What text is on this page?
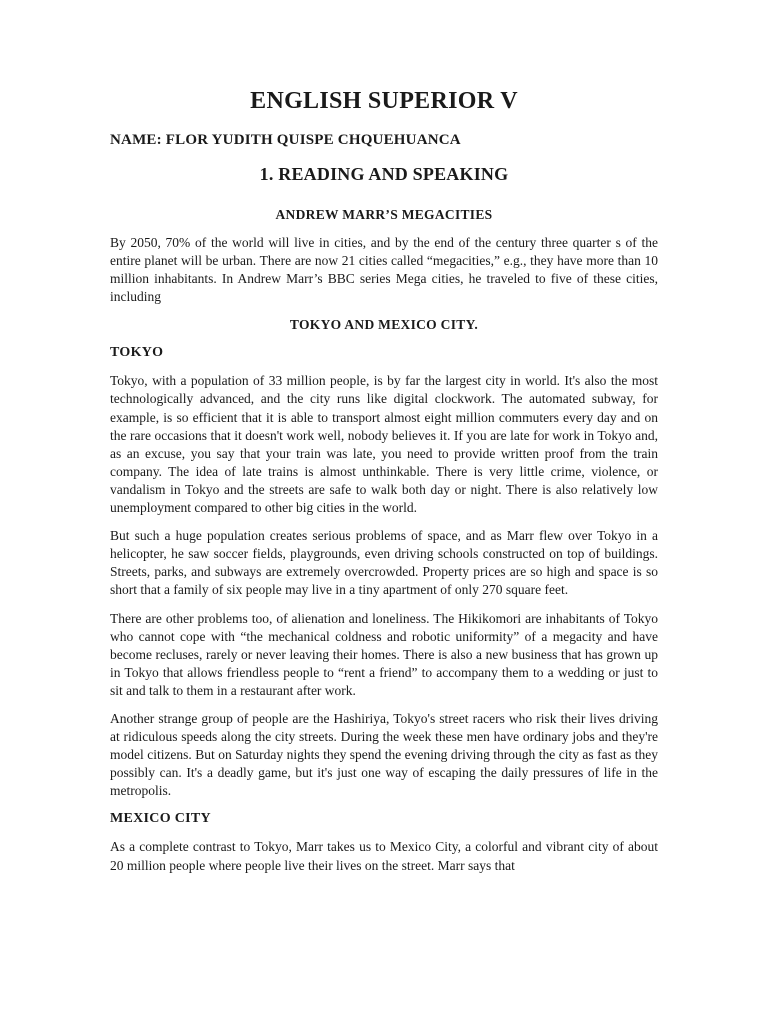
ENGLISH SUPERIOR V
NAME: FLOR YUDITH QUISPE CHQUEHUANCA
1. READING AND SPEAKING
ANDREW MARR’S MEGACITIES

By 2050, 70% of the world will live in cities, and by the end of the century three quarter s of the entire planet will be urban. There are now 21 cities called “megacities,” e.g., they have more than 10 million inhabitants. In Andrew Marr’s BBC series Mega cities, he traveled to five of these cities, including

TOKYO AND MEXICO CITY.
TOKYO

Tokyo, with a population of 33 million people, is by far the largest city in world. It's also the most technologically advanced, and the city runs like digital clockwork. The automated subway, for example, is so efficient that it is able to transport almost eight million commuters every day and on the rare occasions that it doesn't work well, nobody believes it. If you are late for work in Tokyo and, as an excuse, you say that your train was late, you need to provide written proof from the train company. The idea of late trains is almost unthinkable. There is very little crime, violence, or vandalism in Tokyo and the streets are safe to walk both day or night. There is also relatively low unemployment compared to other big cities in the world.

But such a huge population creates serious problems of space, and as Marr flew over Tokyo in a helicopter, he saw soccer fields, playgrounds, even driving schools constructed on top of buildings. Streets, parks, and subways are extremely overcrowded. Property prices are so high and space is so short that a family of six people may live in a tiny apartment of only 270 square feet.

There are other problems too, of alienation and loneliness. The Hikikomori are inhabitants of Tokyo who cannot cope with “the mechanical coldness and robotic uniformity” of a megacity and have become recluses, rarely or never leaving their homes. There is also a new business that has grown up in Tokyo that allows friendless people to “rent a friend” to accompany them to a wedding or just to sit and talk to them in a restaurant after work.

Another strange group of people are the Hashiriya, Tokyo's street racers who risk their lives driving at ridiculous speeds along the city streets. During the week these men have ordinary jobs and they're model citizens. But on Saturday nights they spend the evening driving through the city as fast as they possibly can. It's a deadly game, but it's just one way of escaping the daily pressures of life in the metropolis.

MEXICO CITY

As a complete contrast to Tokyo, Marr takes us to Mexico City, a colorful and vibrant city of about 20 million people where people live their lives on the street. Marr says that
